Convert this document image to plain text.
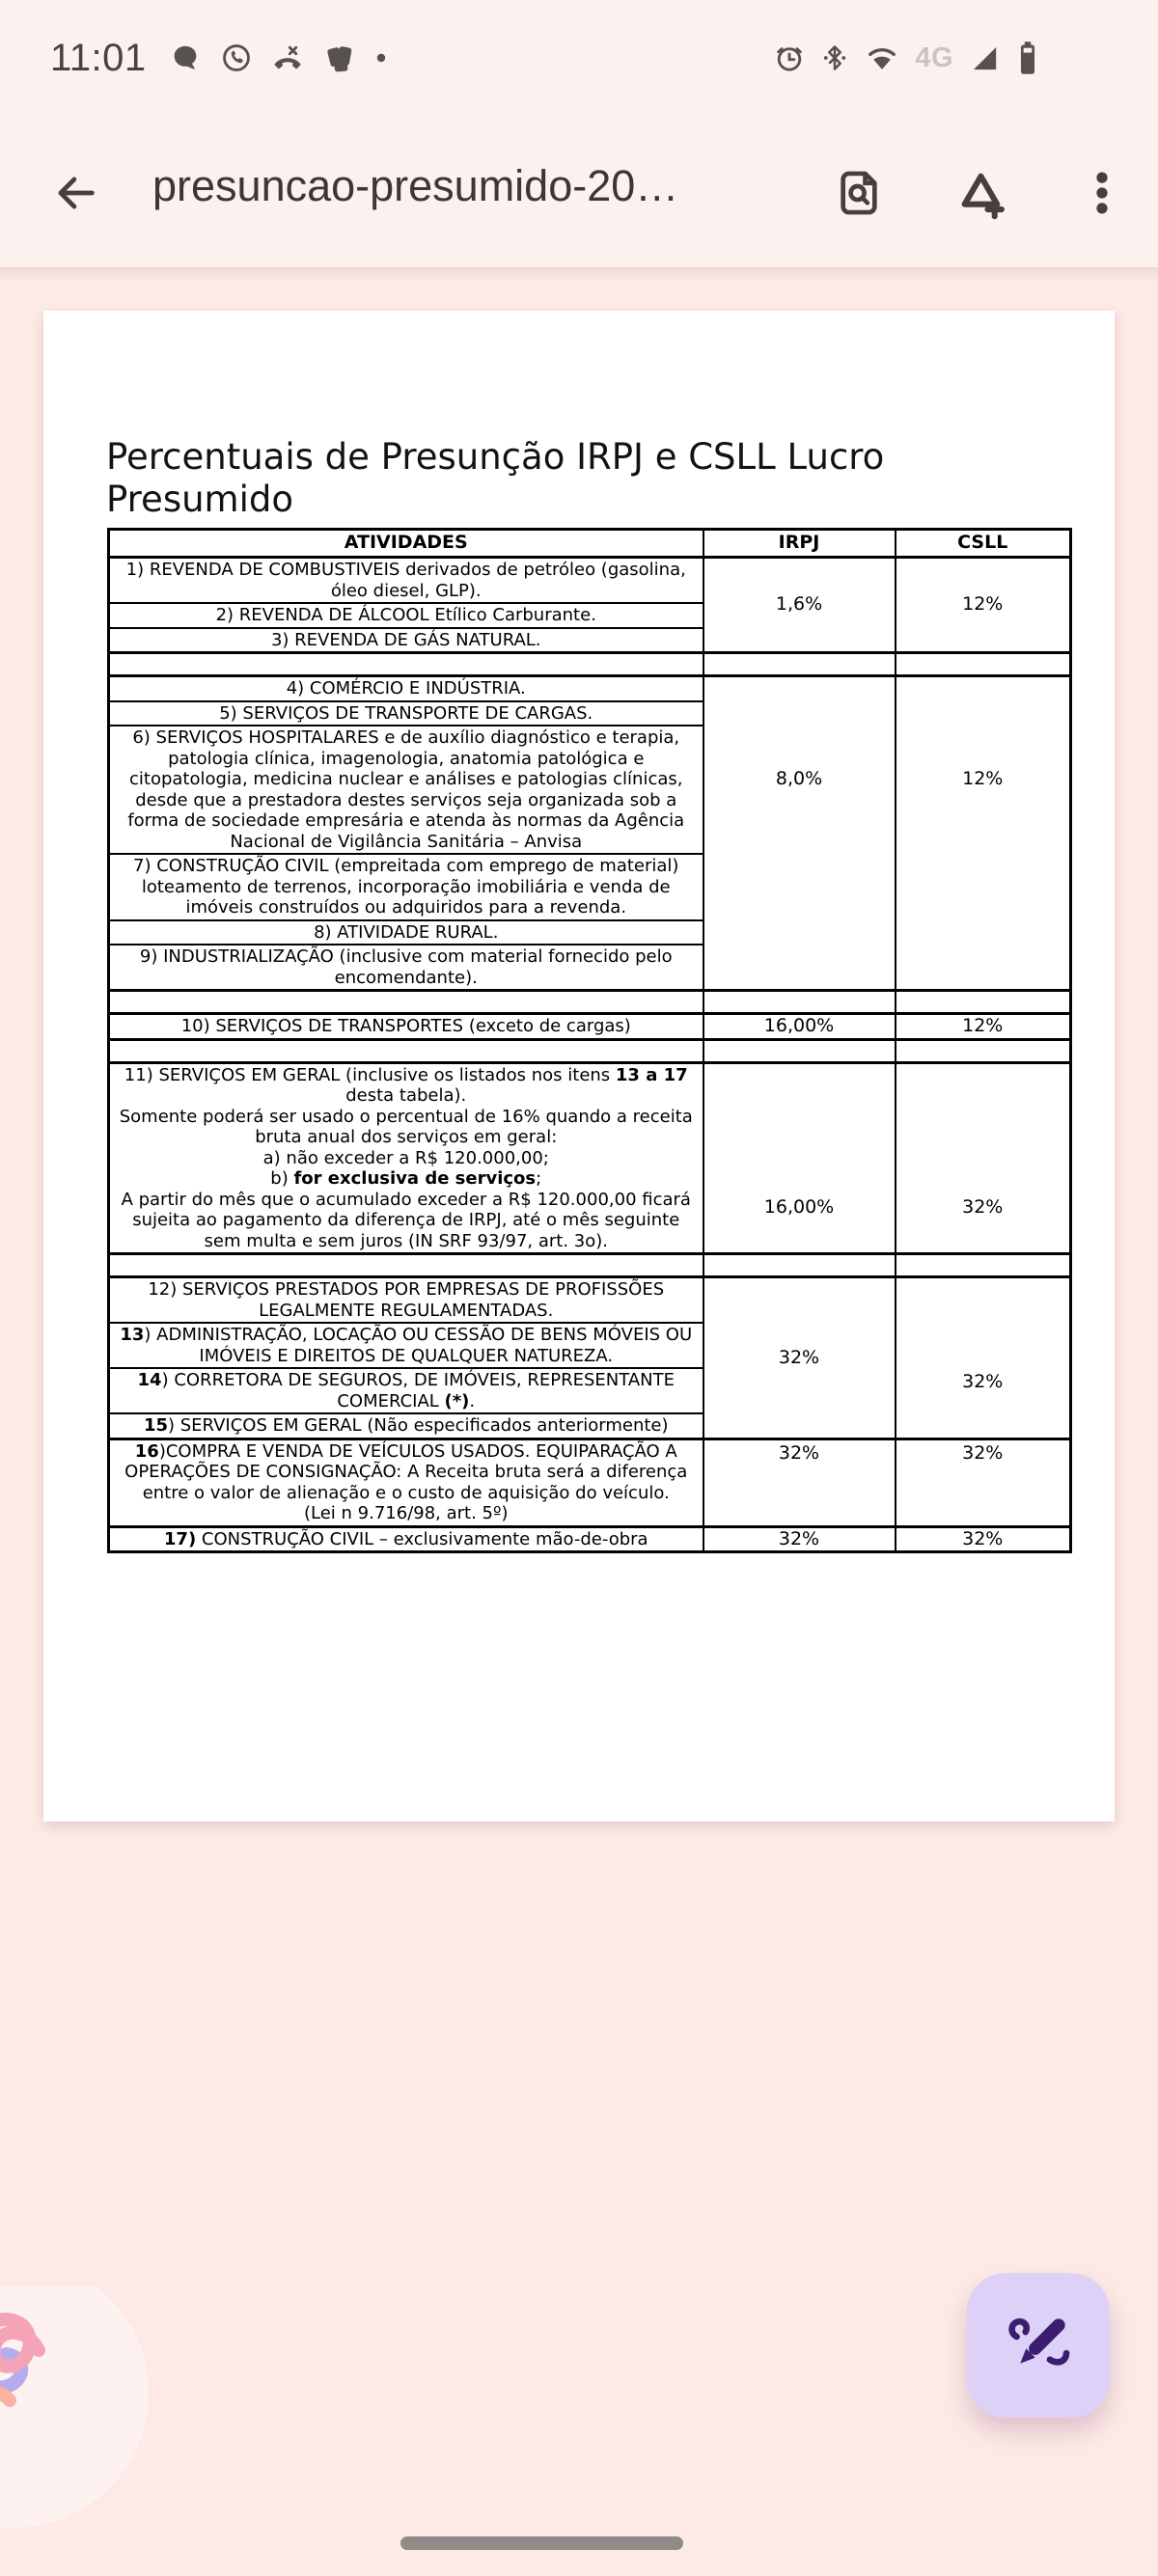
11:01	4G
presuncao-presumido-20…
Percentuais de Presunção IRPJ e CSLL Lucro Presumido
ATIVIDADES	IRPJ	CSLL
1) REVENDA DE COMBUSTIVEIS derivados de petróleo (gasolina, óleo diesel, GLP).	1,6%	12%
2) REVENDA DE ÁLCOOL Etílico Carburante.		
3) REVENDA DE GÁS NATURAL.		

4) COMÉRCIO E INDÚSTRIA.	8,0%	12%
5) SERVIÇOS DE TRANSPORTE DE CARGAS.		
6) SERVIÇOS HOSPITALARES e de auxílio diagnóstico e terapia, patologia clínica, imagenologia, anatomia patológica e citopatologia, medicina nuclear e análises e patologias clínicas, desde que a prestadora destes serviços seja organizada sob a forma de sociedade empresária e atenda às normas da Agência Nacional de Vigilância Sanitária – Anvisa		
7) CONSTRUÇÃO CIVIL (empreitada com emprego de material) loteamento de terrenos, incorporação imobiliária e venda de imóveis construídos ou adquiridos para a revenda.		
8) ATIVIDADE RURAL.		
9) INDUSTRIALIZAÇÃO (inclusive com material fornecido pelo encomendante).		

10) SERVIÇOS DE TRANSPORTES (exceto de cargas)	16,00%	12%

11) SERVIÇOS EM GERAL (inclusive os listados nos itens 13 a 17 desta tabela).
Somente poderá ser usado o percentual de 16% quando a receita bruta anual dos serviços em geral:
a) não exceder a R$ 120.000,00;
b) for exclusiva de serviços;
A partir do mês que o acumulado exceder a R$ 120.000,00 ficará sujeita ao pagamento da diferença de IRPJ, até o mês seguinte sem multa e sem juros (IN SRF 93/97, art. 3o).	16,00%	32%

12) SERVIÇOS PRESTADOS POR EMPRESAS DE PROFISSÕES LEGALMENTE REGULAMENTADAS.	32%	32%
13) ADMINISTRAÇÃO, LOCAÇÃO OU CESSÃO DE BENS MÓVEIS OU IMÓVEIS E DIREITOS DE QUALQUER NATUREZA.		
14) CORRETORA DE SEGUROS, DE IMÓVEIS, REPRESENTANTE COMERCIAL (*).		
15) SERVIÇOS EM GERAL (Não especificados anteriormente)		
16)COMPRA E VENDA DE VEÍCULOS USADOS. EQUIPARAÇÃO A OPERAÇÕES DE CONSIGNAÇÃO: A Receita bruta será a diferença entre o valor de alienação e o custo de aquisição do veículo.
(Lei n 9.716/98, art. 5º)	32%	32%
17) CONSTRUÇÃO CIVIL – exclusivamente mão-de-obra	32%	32%
